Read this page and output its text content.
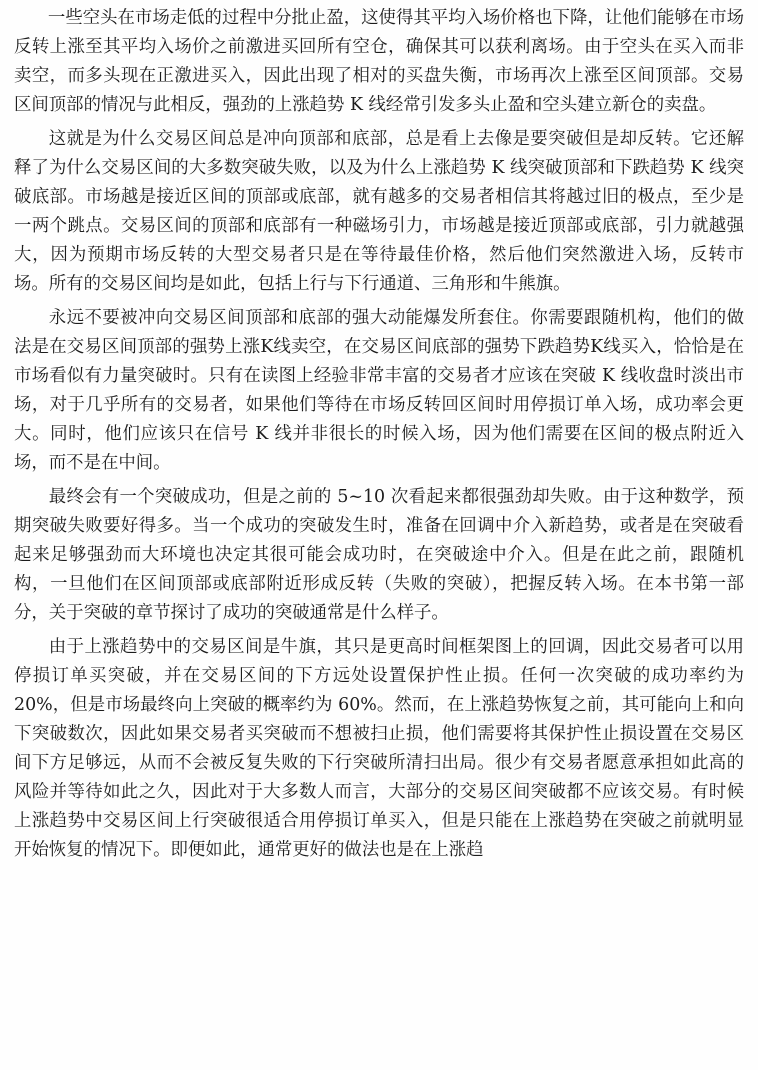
一些空头在市场走低的过程中分批止盈，这使得其平均入场价格也下降，让他们能够在市场反转上涨至其平均入场价之前激进买回所有空仓，确保其可以获利离场。由于空头在买入而非卖空，而多头现在正激进买入，因此出现了相对的买盘失衡，市场再次上涨至区间顶部。交易区间顶部的情况与此相反，强劲的上涨趋势 K 线经常引发多头止盈和空头建立新仓的卖盘。

这就是为什么交易区间总是冲向顶部和底部，总是看上去像是要突破但是却反转。它还解释了为什么交易区间的大多数突破失败，以及为什么上涨趋势 K 线突破顶部和下跌趋势 K 线突破底部。市场越是接近区间的顶部或底部，就有越多的交易者相信其将越过旧的极点，至少是一两个跳点。交易区间的顶部和底部有一种磁场引力，市场越是接近顶部或底部，引力就越强大，因为预期市场反转的大型交易者只是在等待最佳价格，然后他们突然激进入场，反转市场。所有的交易区间均是如此，包括上行与下行通道、三角形和牛熊旗。

永远不要被冲向交易区间顶部和底部的强大动能爆发所套住。你需要跟随机构，他们的做法是在交易区间顶部的强势上涨K线卖空，在交易区间底部的强势下跌趋势K线买入，恰恰是在市场看似有力量突破时。只有在读图上经验非常丰富的交易者才应该在突破 K 线收盘时淡出市场，对于几乎所有的交易者，如果他们等待在市场反转回区间时用停损订单入场，成功率会更大。同时，他们应该只在信号 K 线并非很长的时候入场，因为他们需要在区间的极点附近入场，而不是在中间。

最终会有一个突破成功，但是之前的 5~10 次看起来都很强劲却失败。由于这种数学，预期突破失败要好得多。当一个成功的突破发生时，准备在回调中介入新趋势，或者是在突破看起来足够强劲而大环境也决定其很可能会成功时，在突破途中介入。但是在此之前，跟随机构，一旦他们在区间顶部或底部附近形成反转（失败的突破），把握反转入场。在本书第一部分，关于突破的章节探讨了成功的突破通常是什么样子。

由于上涨趋势中的交易区间是牛旗，其只是更高时间框架图上的回调，因此交易者可以用停损订单买突破，并在交易区间的下方远处设置保护性止损。任何一次突破的成功率约为 20%，但是市场最终向上突破的概率约为 60%。然而，在上涨趋势恢复之前，其可能向上和向下突破数次，因此如果交易者买突破而不想被扫止损，他们需要将其保护性止损设置在交易区间下方足够远，从而不会被反复失败的下行突破所清扫出局。很少有交易者愿意承担如此高的风险并等待如此之久，因此对于大多数人而言，大部分的交易区间突破都不应该交易。有时候上涨趋势中交易区间上行突破很适合用停损订单买入，但是只能在上涨趋势在突破之前就明显开始恢复的情况下。即便如此，通常更好的做法也是在上涨趋
